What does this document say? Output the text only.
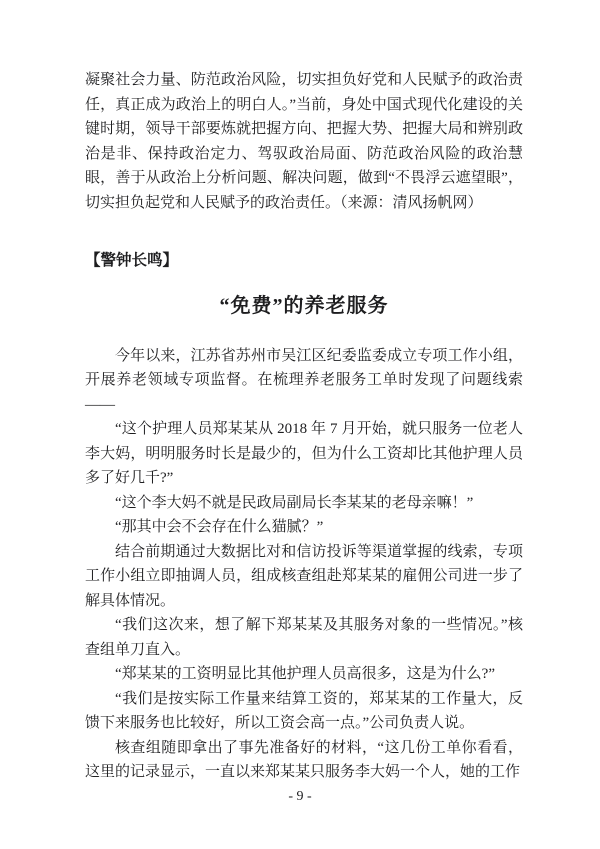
凝聚社会力量、防范政治风险，切实担负好党和人民赋予的政治责任，真正成为政治上的明白人。”当前，身处中国式现代化建设的关键时期，领导干部要炼就把握方向、把握大势、把握大局和辨别政治是非、保持政治定力、驾驭政治局面、防范政治风险的政治慧眼，善于从政治上分析问题、解决问题，做到“不畏浮云遮望眼”，切实担负起党和人民赋予的政治责任。（来源：清风扬帆网）

【警钟长鸣】

“免费”的养老服务

今年以来，江苏省苏州市吴江区纪委监委成立专项工作小组，开展养老领域专项监督。在梳理养老服务工单时发现了问题线索——

“这个护理人员郑某某从 2018 年 7 月开始，就只服务一位老人李大妈，明明服务时长是最少的，但为什么工资却比其他护理人员多了好几千?”

“这个李大妈不就是民政局副局长李某某的老母亲嘛！”

“那其中会不会存在什么猫腻？”

结合前期通过大数据比对和信访投诉等渠道掌握的线索，专项工作小组立即抽调人员，组成核查组赴郑某某的雇佣公司进一步了解具体情况。

“我们这次来，想了解下郑某某及其服务对象的一些情况。”核查组单刀直入。

“郑某某的工资明显比其他护理人员高很多，这是为什么?”

“我们是按实际工作量来结算工资的，郑某某的工作量大，反馈下来服务也比较好，所以工资会高一点。”公司负责人说。

核查组随即拿出了事先准备好的材料，“这几份工单你看看，这里的记录显示，一直以来郑某某只服务李大妈一个人，她的工作

- 9 -
